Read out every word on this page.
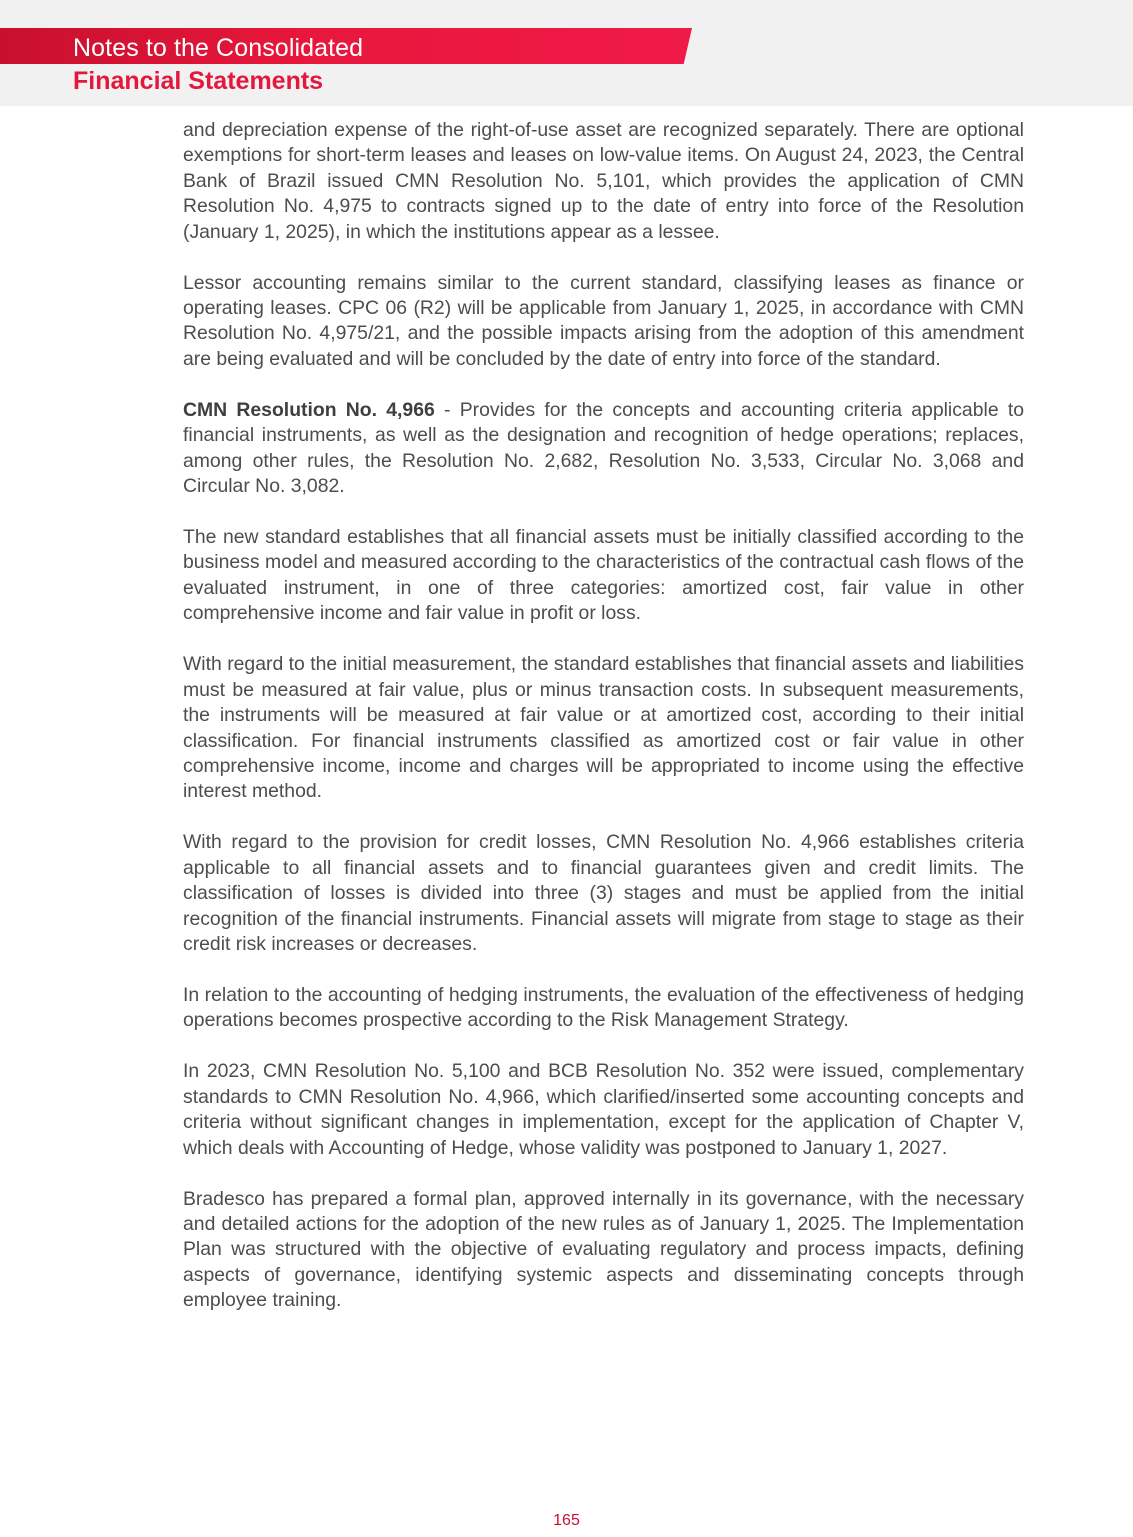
Notes to the Consolidated
Financial Statements

and depreciation expense of the right-of-use asset are recognized separately. There are optional exemptions for short-term leases and leases on low-value items. On August 24, 2023, the Central Bank of Brazil issued CMN Resolution No. 5,101, which provides the application of CMN Resolution No. 4,975 to contracts signed up to the date of entry into force of the Resolution (January 1, 2025), in which the institutions appear as a lessee.

Lessor accounting remains similar to the current standard, classifying leases as finance or operating leases. CPC 06 (R2) will be applicable from January 1, 2025, in accordance with CMN Resolution No. 4,975/21, and the possible impacts arising from the adoption of this amendment are being evaluated and will be concluded by the date of entry into force of the standard.

CMN Resolution No. 4,966 - Provides for the concepts and accounting criteria applicable to financial instruments, as well as the designation and recognition of hedge operations; replaces, among other rules, the Resolution No. 2,682, Resolution No. 3,533, Circular No. 3,068 and Circular No. 3,082.

The new standard establishes that all financial assets must be initially classified according to the business model and measured according to the characteristics of the contractual cash flows of the evaluated instrument, in one of three categories: amortized cost, fair value in other comprehensive income and fair value in profit or loss.

With regard to the initial measurement, the standard establishes that financial assets and liabilities must be measured at fair value, plus or minus transaction costs. In subsequent measurements, the instruments will be measured at fair value or at amortized cost, according to their initial classification. For financial instruments classified as amortized cost or fair value in other comprehensive income, income and charges will be appropriated to income using the effective interest method.

With regard to the provision for credit losses, CMN Resolution No. 4,966 establishes criteria applicable to all financial assets and to financial guarantees given and credit limits. The classification of losses is divided into three (3) stages and must be applied from the initial recognition of the financial instruments. Financial assets will migrate from stage to stage as their credit risk increases or decreases.

In relation to the accounting of hedging instruments, the evaluation of the effectiveness of hedging operations becomes prospective according to the Risk Management Strategy.

In 2023, CMN Resolution No. 5,100 and BCB Resolution No. 352 were issued, complementary standards to CMN Resolution No. 4,966, which clarified/inserted some accounting concepts and criteria without significant changes in implementation, except for the application of Chapter V, which deals with Accounting of Hedge, whose validity was postponed to January 1, 2027.

Bradesco has prepared a formal plan, approved internally in its governance, with the necessary and detailed actions for the adoption of the new rules as of January 1, 2025. The Implementation Plan was structured with the objective of evaluating regulatory and process impacts, defining aspects of governance, identifying systemic aspects and disseminating concepts through employee training.

165
